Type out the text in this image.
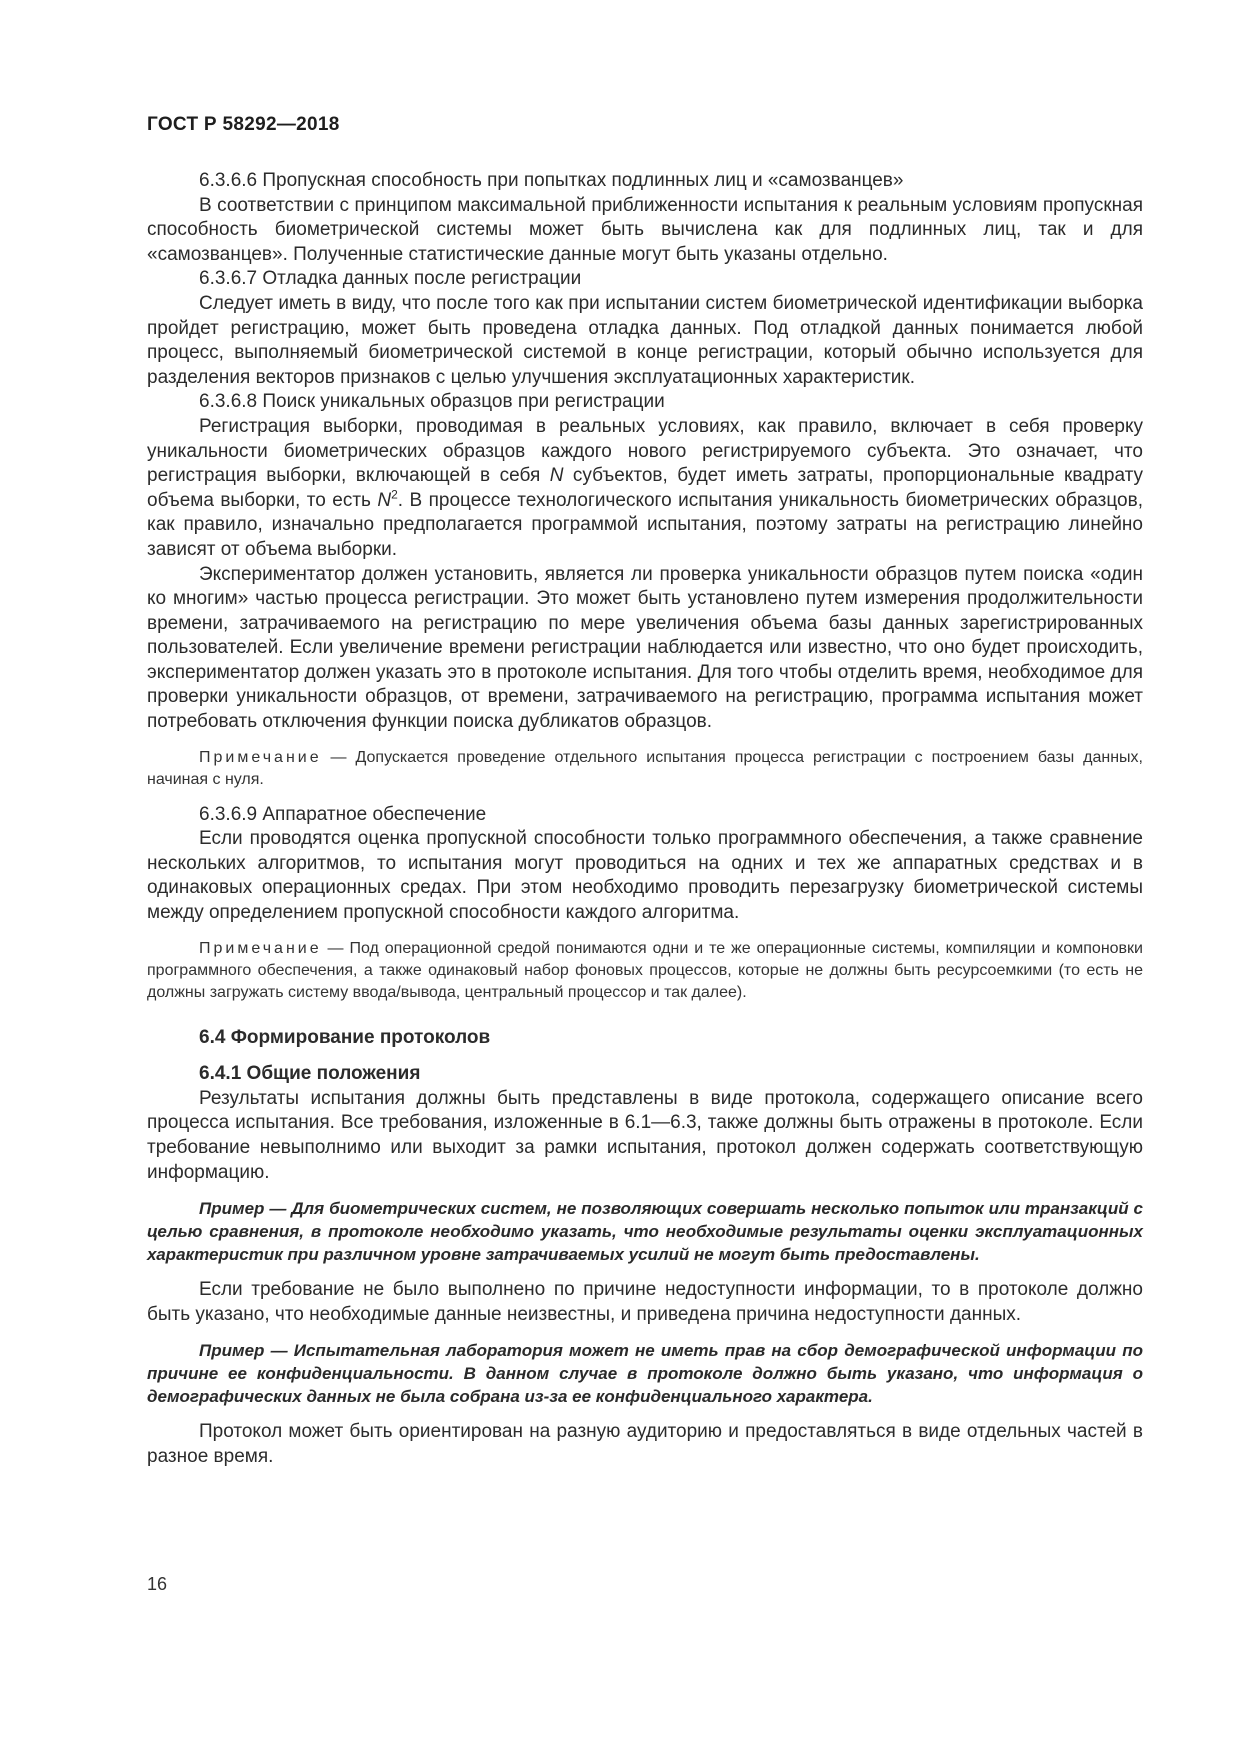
ГОСТ Р 58292—2018

6.3.6.6 Пропускная способность при попытках подлинных лиц и «самозванцев»

В соответствии с принципом максимальной приближенности испытания к реальным условиям пропускная способность биометрической системы может быть вычислена как для подлинных лиц, так и для «самозванцев». Полученные статистические данные могут быть указаны отдельно.

6.3.6.7 Отладка данных после регистрации

Следует иметь в виду, что после того как при испытании систем биометрической идентификации выборка пройдет регистрацию, может быть проведена отладка данных. Под отладкой данных понимается любой процесс, выполняемый биометрической системой в конце регистрации, который обычно используется для разделения векторов признаков с целью улучшения эксплуатационных характеристик.

6.3.6.8 Поиск уникальных образцов при регистрации

Регистрация выборки, проводимая в реальных условиях, как правило, включает в себя проверку уникальности биометрических образцов каждого нового регистрируемого субъекта. Это означает, что регистрация выборки, включающей в себя N субъектов, будет иметь затраты, пропорциональные квадрату объема выборки, то есть $N^2$. В процессе технологического испытания уникальность биометрических образцов, как правило, изначально предполагается программой испытания, поэтому затраты на регистрацию линейно зависят от объема выборки.

Экспериментатор должен установить, является ли проверка уникальности образцов путем поиска «один ко многим» частью процесса регистрации. Это может быть установлено путем измерения продолжительности времени, затрачиваемого на регистрацию по мере увеличения объема базы данных зарегистрированных пользователей. Если увеличение времени регистрации наблюдается или известно, что оно будет происходить, экспериментатор должен указать это в протоколе испытания. Для того чтобы отделить время, необходимое для проверки уникальности образцов, от времени, затрачиваемого на регистрацию, программа испытания может потребовать отключения функции поиска дубликатов образцов.

Примечание — Допускается проведение отдельного испытания процесса регистрации с построением базы данных, начиная с нуля.

6.3.6.9 Аппаратное обеспечение

Если проводятся оценка пропускной способности только программного обеспечения, а также сравнение нескольких алгоритмов, то испытания могут проводиться на одних и тех же аппаратных средствах и в одинаковых операционных средах. При этом необходимо проводить перезагрузку биометрической системы между определением пропускной способности каждого алгоритма.

Примечание — Под операционной средой понимаются одни и те же операционные системы, компиляции и компоновки программного обеспечения, а также одинаковый набор фоновых процессов, которые не должны быть ресурсоемкими (то есть не должны загружать систему ввода/вывода, центральный процессор и так далее).

6.4 Формирование протоколов

6.4.1 Общие положения

Результаты испытания должны быть представлены в виде протокола, содержащего описание всего процесса испытания. Все требования, изложенные в 6.1—6.3, также должны быть отражены в протоколе. Если требование невыполнимо или выходит за рамки испытания, протокол должен содержать соответствующую информацию.

Пример — Для биометрических систем, не позволяющих совершать несколько попыток или транзакций с целью сравнения, в протоколе необходимо указать, что необходимые результаты оценки эксплуатационных характеристик при различном уровне затрачиваемых усилий не могут быть предоставлены.

Если требование не было выполнено по причине недоступности информации, то в протоколе должно быть указано, что необходимые данные неизвестны, и приведена причина недоступности данных.

Пример — Испытательная лаборатория может не иметь прав на сбор демографической информации по причине ее конфиденциальности. В данном случае в протоколе должно быть указано, что информация о демографических данных не была собрана из-за ее конфиденциального характера.

Протокол может быть ориентирован на разную аудиторию и предоставляться в виде отдельных частей в разное время.

16
